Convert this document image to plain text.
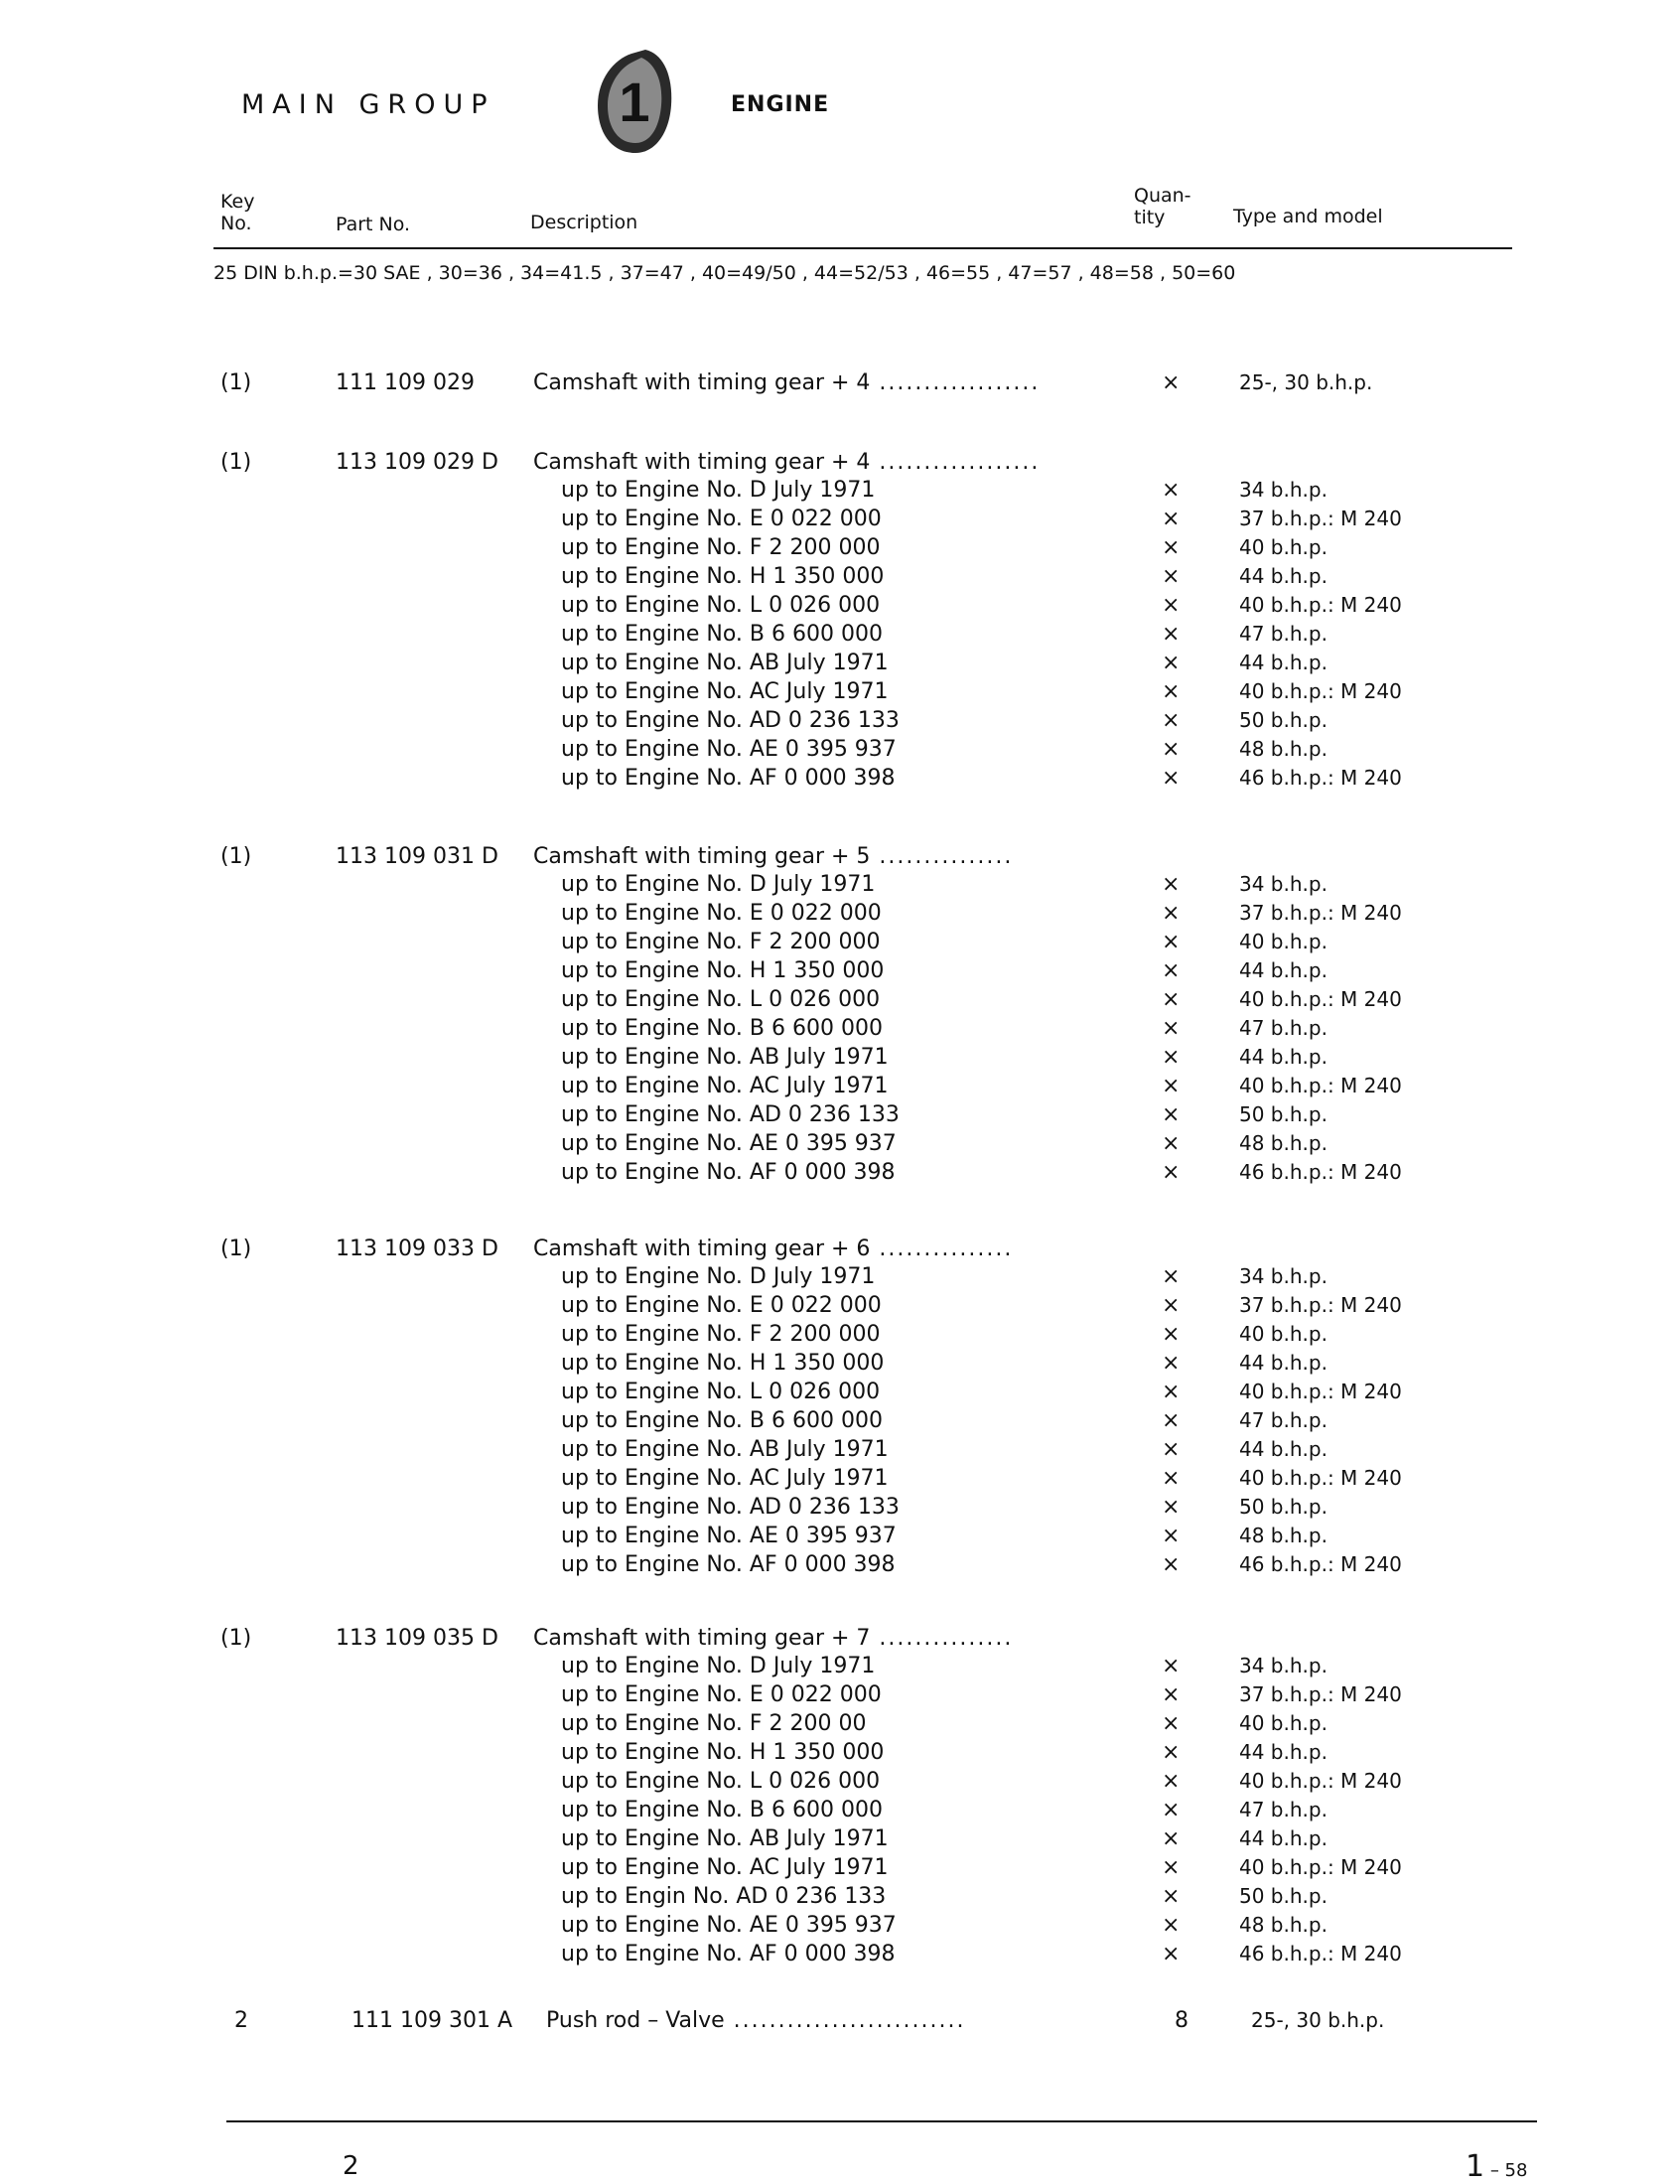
MAIN GROUP 1	ENGINE
Key
No.	Part No.	Description
Quan-
tity	Type and model
25 DIN b.h.p.=30 SAE , 30=36 , 34=41.5 , 37=47 , 40=49/50 , 44=52/53 , 46=55 , 47=57 , 48=58 , 50=60
(1)	111 109 029	Camshaft with timing gear + 4 ..................	×	25-, 30 b.h.p.
(1)	113 109 029 D Camshaft with timing gear + 4 ..................
up to Engine No. D July 1971	×	34 b.h.p.
up to Engine No. E 0 022 000	×	37 b.h.p.: M 240
up to Engine No. F 2 200 000	×	40 b.h.p.
up to Engine No. H 1 350 000	×	44 b.h.p.
up to Engine No. L 0 026 000	×	40 b.h.p.: M 240
up to Engine No. B 6 600 000	×	47 b.h.p.
up to Engine No. AB July 1971	×	44 b.h.p.
up to Engine No. AC July 1971	×	40 b.h.p.: M 240
up to Engine No. AD 0 236 133	×	50 b.h.p.
up to Engine No. AE 0 395 937	×	48 b.h.p.
up to Engine No. AF 0 000 398	×	46 b.h.p.: M 240
(1)	113 109 031 D Camshaft with timing gear + 5 ...............
up to Engine No. D July 1971	×	34 b.h.p.
up to Engine No. E 0 022 000	×	37 b.h.p.: M 240
up to Engine No. F 2 200 000	×	40 b.h.p.
up to Engine No. H 1 350 000	×	44 b.h.p.
up to Engine No. L 0 026 000	×	40 b.h.p.: M 240
up to Engine No. B 6 600 000	×	47 b.h.p.
up to Engine No. AB July 1971	×	44 b.h.p.
up to Engine No. AC July 1971	×	40 b.h.p.: M 240
up to Engine No. AD 0 236 133	×	50 b.h.p.
up to Engine No. AE 0 395 937	×	48 b.h.p.
up to Engine No. AF 0 000 398	×	46 b.h.p.: M 240
(1)	113 109 033 D Camshaft with timing gear + 6 ...............
up to Engine No. D July 1971	×	34 b.h.p.
up to Engine No. E 0 022 000	×	37 b.h.p.: M 240
up to Engine No. F 2 200 000	×	40 b.h.p.
up to Engine No. H 1 350 000	×	44 b.h.p.
up to Engine No. L 0 026 000	×	40 b.h.p.: M 240
up to Engine No. B 6 600 000	×	47 b.h.p.
up to Engine No. AB July 1971	×	44 b.h.p.
up to Engine No. AC July 1971	×	40 b.h.p.: M 240
up to Engine No. AD 0 236 133	×	50 b.h.p.
up to Engine No. AE 0 395 937	×	48 b.h.p.
up to Engine No. AF 0 000 398	×	46 b.h.p.: M 240
(1)	113 109 035 D Camshaft with timing gear + 7 ...............
up to Engine No. D July 1971	×	34 b.h.p.
up to Engine No. E 0 022 000	×	37 b.h.p.: M 240
up to Engine No. F 2 200 00	×	40 b.h.p.
up to Engine No. H 1 350 000	×	44 b.h.p.
up to Engine No. L 0 026 000	×	40 b.h.p.: M 240
up to Engine No. B 6 600 000	×	47 b.h.p.
up to Engine No. AB July 1971	×	44 b.h.p.
up to Engine No. AC July 1971	×	40 b.h.p.: M 240
up to Engin No. AD 0 236 133	×	50 b.h.p.
up to Engine No. AE 0 395 937	×	48 b.h.p.
up to Engine No. AF 0 000 398	×	46 b.h.p.: M 240
2	111 109 301 A Push rod – Valve ..........................	8	25-, 30 b.h.p.
2	1 – 58
